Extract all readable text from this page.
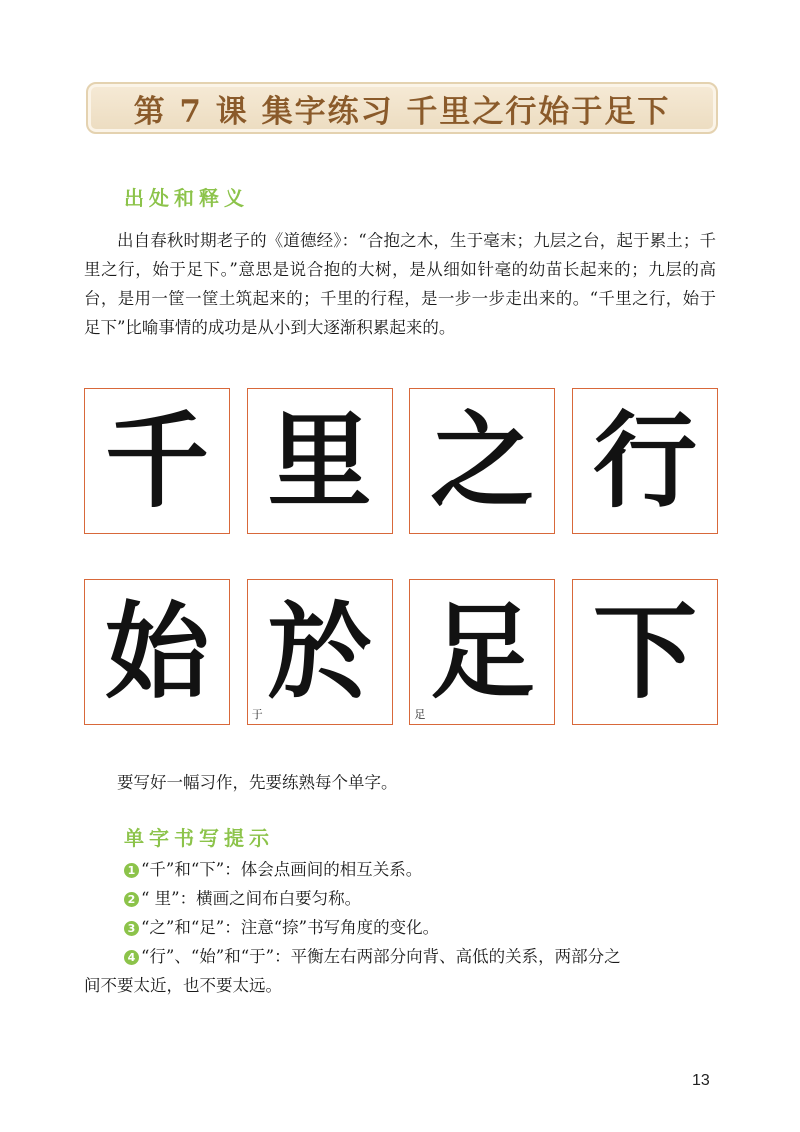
第 7 课 集字练习 千里之行始于足下
出处和释义
出自春秋时期老子的《道德经》：“合抱之木，生于毫末；九层之台，起于累土；千里之行，始于足下。”意思是说合抱的大树，是从细如针毫的幼苗长起来的；九层的高台，是用一筐一筐土筑起来的；千里的行程，是一步一步走出来的。“千里之行，始于足下”比喻事情的成功是从小到大逐渐积累起来的。
千 里 之 行
始 於
于
足
足
下
要写好一幅习作，先要练熟每个单字。
单字书写提示
1 “千”和“下”：体会点画间的相互关系。
2 “ 里”：横画之间布白要匀称。
3 “之”和“足”：注意“捺”书写角度的变化。
4 “行”、“始”和“于”：平衡左右两部分向背、高低的关系，两部分之
间不要太近，也不要太远。
13
